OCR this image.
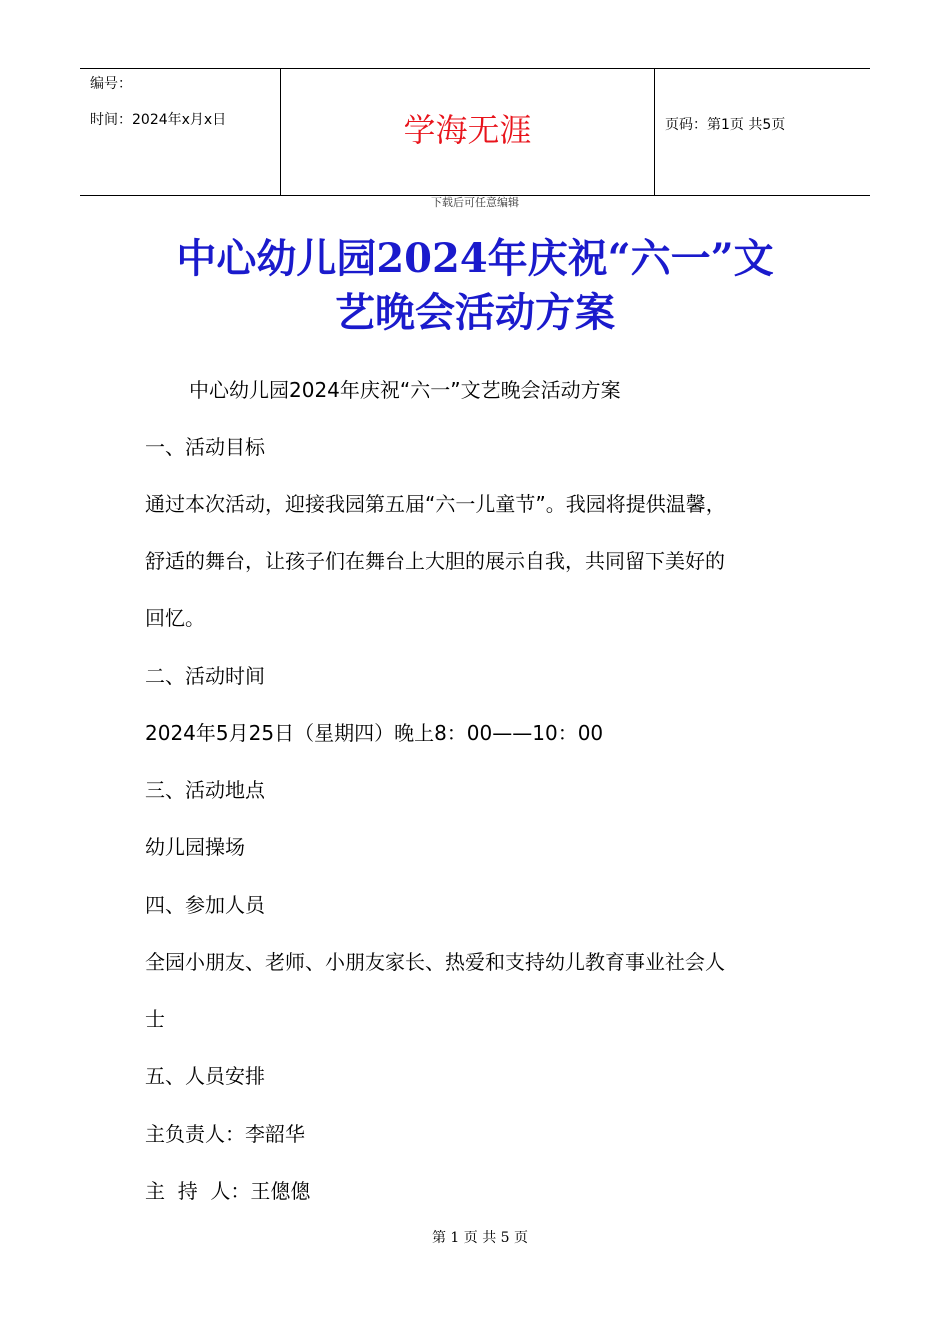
编号：
时间：2024年x月x日	学海无涯	页码：第1页 共5页
下载后可任意编辑
中心幼儿园2024年庆祝“六一”文
艺晚会活动方案
中心幼儿园2024年庆祝“六一”文艺晚会活动方案
一、活动目标
通过本次活动，迎接我园第五届“六一儿童节”。我园将提供温馨，
舒适的舞台，让孩子们在舞台上大胆的展示自我，共同留下美好的
回忆。
二、活动时间
2024年5月25日（星期四）晚上8：00——10：00
三、活动地点
幼儿园操场
四、参加人员
全园小朋友、老师、小朋友家长、热爱和支持幼儿教育事业社会人
士
五、人员安排
主负责人：李韶华
主  持  人：王傯傯
第 1 页 共 5 页
